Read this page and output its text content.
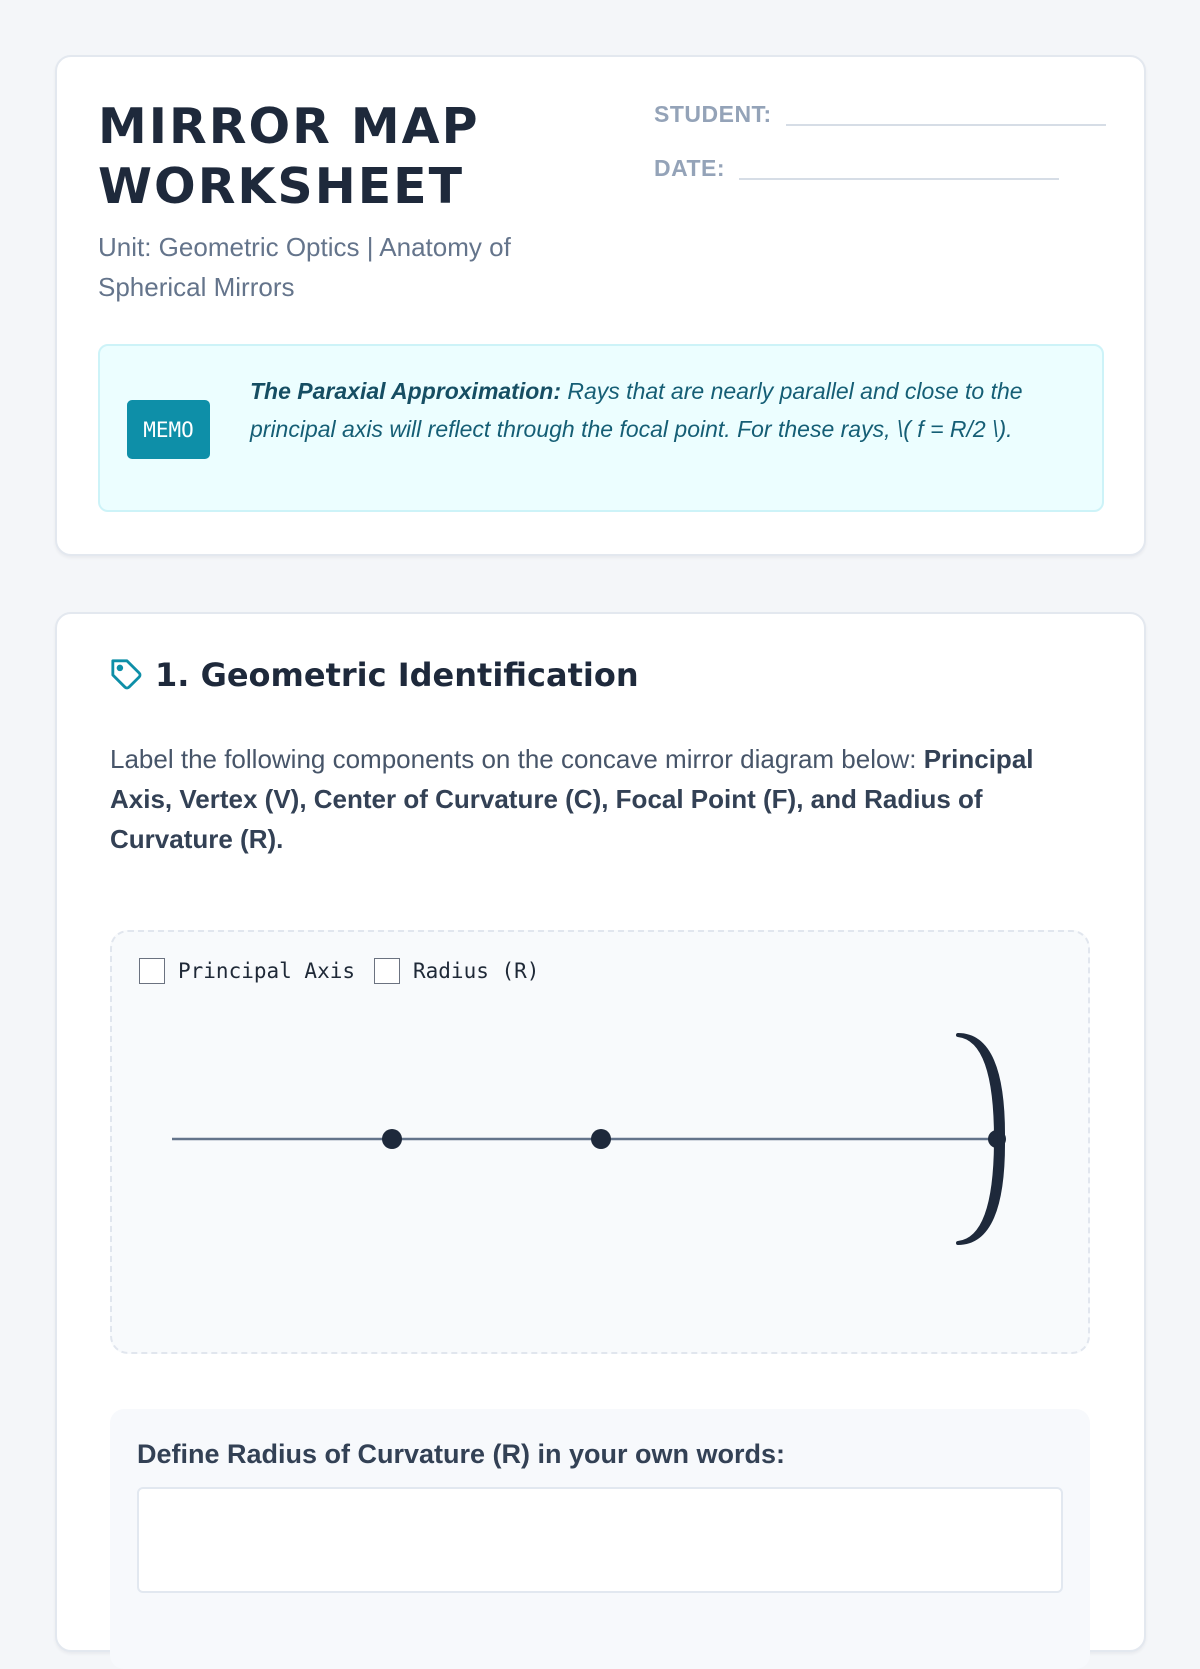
MIRROR MAP WORKSHEET

Unit: Geometric Optics | Anatomy of Spherical Mirrors

STUDENT:
DATE:
MEMO
The Paraxial Approximation: Rays that are nearly parallel and close to the principal axis will reflect through the focal point. For these rays, \( f = R/2 \).
1. Geometric Identification
Label the following components on the concave mirror diagram below: Principal Axis, Vertex (V), Center of Curvature (C), Focal Point (F), and Radius of Curvature (R).
Principal Axis	Radius (R)
Define Radius of Curvature (R) in your own words:
